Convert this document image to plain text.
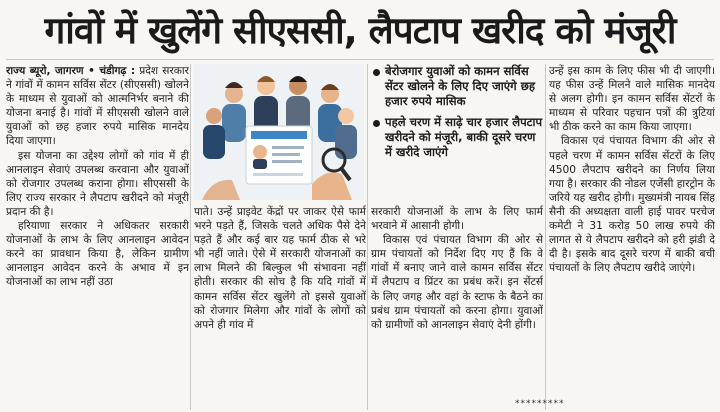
गांवों में खुलेंगे सीएससी, लैपटाप खरीद को मंजूरी

राज्य ब्यूरो, जागरण • चंडीगढ़ : प्रदेश सरकार ने गांवों में कामन सर्विस सेंटर (सीएससी) खोलने के माध्यम से युवाओं को आत्मनिर्भर बनाने की योजना बनाई है। गांवों में सीएससी खोलने वाले युवाओं को छह हजार रुपये मासिक मानदेय दिया जाएगा।

इस योजना का उद्देश्य लोगों को गांव में ही आनलाइन सेवाएं उपलब्ध करवाना और युवाओं को रोजगार उपलब्ध कराना होगा। सीएससी के लिए राज्य सरकार ने लैपटाप खरीदने को मंजूरी प्रदान की है।

हरियाणा सरकार ने अधिकतर सरकारी योजनाओं के लाभ के लिए आनलाइन आवेदन करने का प्रावधान किया है, लेकिन ग्रामीण आनलाइन आवेदन करने के अभाव में इन योजनाओं का लाभ नहीं उठा

पाते। उन्हें प्राइवेट केंद्रों पर जाकर ऐसे फार्म भरने पड़ते हैं, जिसके चलते अधिक पैसे देने पड़ते हैं और कई बार यह फार्म ठीक से भरे भी नहीं जाते। ऐसे में सरकारी योजनाओं का लाभ मिलने की बिल्कुल भी संभावना नहीं होती। सरकार की सोच है कि यदि गांवों में कामन सर्विस सेंटर खुलेंगे तो इससे युवाओं को रोजगार मिलेगा और गांवों के लोगों को अपने ही गांव में

बेरोजगार युवाओं को कामन सर्विस सेंटर खोलने के लिए दिए जाएंगे छह हजार रुपये मासिक
पहले चरण में साढ़े चार हजार लैपटाप खरीदने को मंजूरी, बाकी दूसरे चरण में खरीदे जाएंगे

सरकारी योजनाओं के लाभ के लिए फार्म भरवाने में आसानी होगी।

विकास एवं पंचायत विभाग की ओर से ग्राम पंचायतों को निर्देश दिए गए हैं कि वे गांवों में बनाए जाने वाले कामन सर्विस सेंटर में लैपटाप व प्रिंटर का प्रबंध करें। इन सेंटर्स के लिए जगह और वहां के स्टाफ के बैठने का प्रबंध ग्राम पंचायतों को करना होगा। युवाओं को ग्रामीणों को आनलाइन सेवाएं देनी होंगी।

उन्हें इस काम के लिए फीस भी दी जाएगी। यह फीस उन्हें मिलने वाले मासिक मानदेय से अलग होगी। इन कामन सर्विस सेंटरों के माध्यम से परिवार पहचान पत्रों की त्रुटियां भी ठीक करने का काम किया जाएगा।

विकास एवं पंचायत विभाग की ओर से पहले चरण में कामन सर्विस सेंटरों के लिए 4500 लैपटाप खरीदने का निर्णय लिया गया है। सरकार की नोडल एजेंसी हारट्रोन के जरिये यह खरीद होगी। मुख्यमंत्री नायब सिंह सैनी की अध्यक्षता वाली हाई पावर परचेज कमेटी ने 31 करोड़ 50 लाख रुपये की लागत से ये लैपटाप खरीदने को हरी झंडी दे दी है। इसके बाद दूसरे चरण में बाकी बची पंचायतों के लिए लैपटाप खरीदे जाएंगे।

*********
